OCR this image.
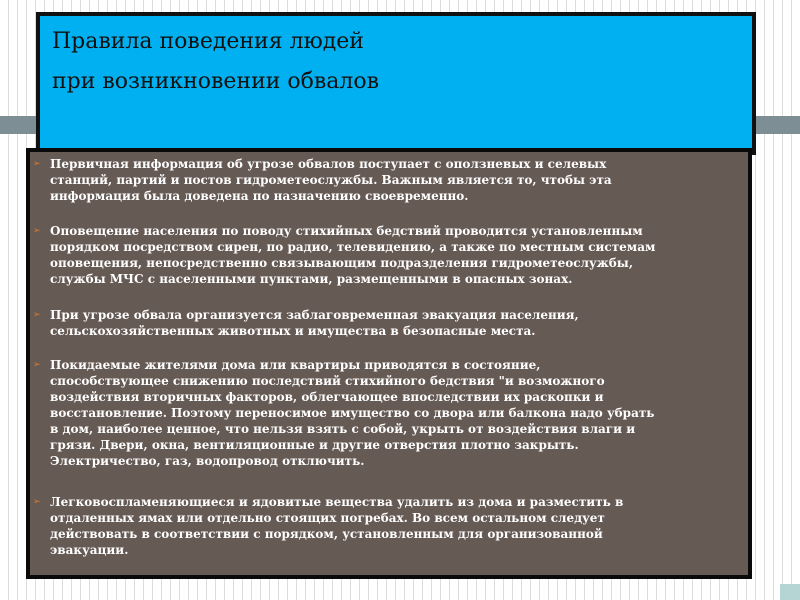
Правила поведения людей
при возникновении обвалов
➢ Первичная информация об угрозе обвалов поступает с оползневых и селевых
станций, партий и постов гидрометеослужбы. Важным является то, чтобы эта
информация была доведена по назначению своевременно.

➢ Оповещение населения по поводу стихийных бедствий проводится установленным
порядком посредством сирен, по радио, телевидению, а также по местным системам
оповещения, непосредственно связывающим подразделения гидрометеослужбы,
службы МЧС с населенными пунктами, размещенными в опасных зонах.

➢ При угрозе обвала организуется заблаговременная эвакуация населения,
сельскохозяйственных животных и имущества в безопасные места.

➢ Покидаемые жителями дома или квартиры приводятся в состояние,
способствующее снижению последствий стихийного бедствия "и возможного
воздействия вторичных факторов, облегчающее впоследствии их раскопки и
восстановление. Поэтому переносимое имущество со двора или балкона надо убрать
в дом, наиболее ценное, что нельзя взять с собой, укрыть от воздействия влаги и
грязи. Двери, окна, вентиляционные и другие отверстия плотно закрыть.
Электричество, газ, водопровод отключить.

➢ Легковоспламеняющиеся и ядовитые вещества удалить из дома и разместить в
отдаленных ямах или отдельно стоящих погребах. Во всем остальном следует
действовать в соответствии с порядком, установленным для организованной
эвакуации.
